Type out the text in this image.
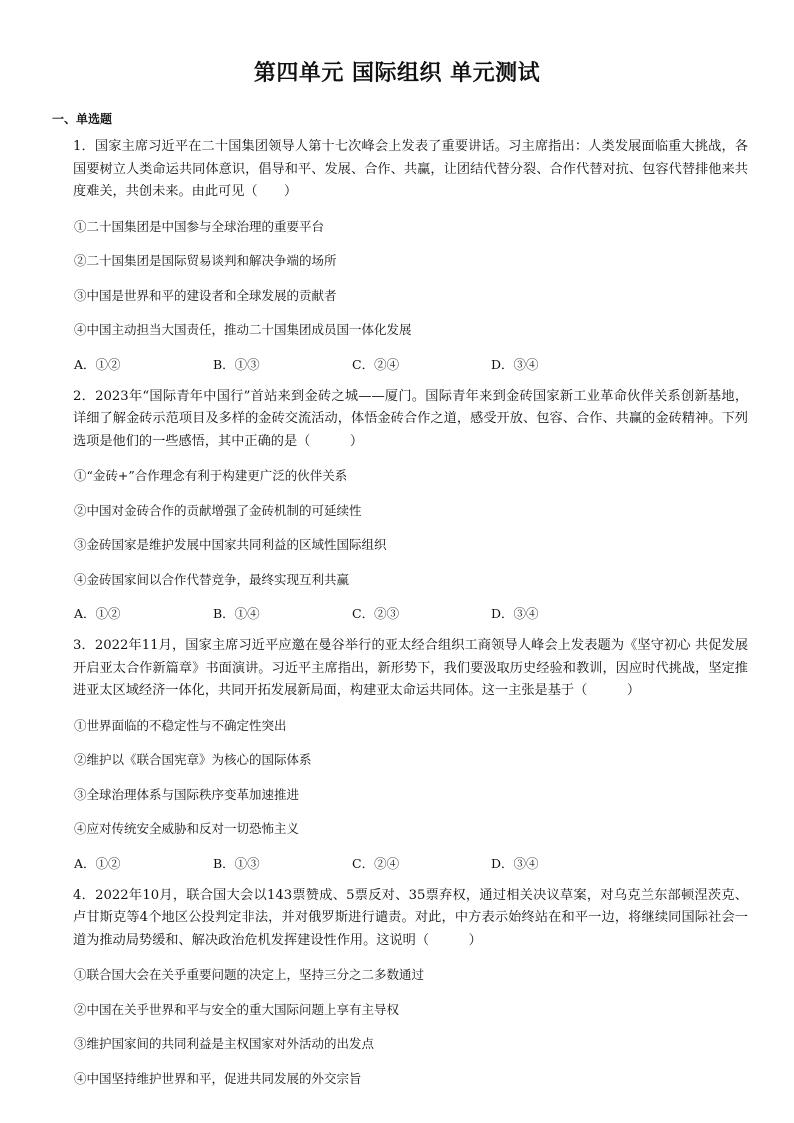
第四单元 国际组织 单元测试
一、单选题

1．国家主席习近平在二十国集团领导人第十七次峰会上发表了重要讲话。习主席指出：人类发展面临重大挑战，各国要树立人类命运共同体意识，倡导和平、发展、合作、共赢，让团结代替分裂、合作代替对抗、包容代替排他来共度难关，共创未来。由此可见（　　）

①二十国集团是中国参与全球治理的重要平台
②二十国集团是国际贸易谈判和解决争端的场所
③中国是世界和平的建设者和全球发展的贡献者
④中国主动担当大国责任，推动二十国集团成员国一体化发展
A．①②	B．①③	C．②④	D．③④

2．2023年“国际青年中国行”首站来到金砖之城——厦门。国际青年来到金砖国家新工业革命伙伴关系创新基地，详细了解金砖示范项目及多样的金砖交流活动，体悟金砖合作之道，感受开放、包容、合作、共赢的金砖精神。下列选项是他们的一些感悟，其中正确的是（　　　）

①“金砖+”合作理念有利于构建更广泛的伙伴关系
②中国对金砖合作的贡献增强了金砖机制的可延续性
③金砖国家是维护发展中国家共同利益的区域性国际组织
④金砖国家间以合作代替竞争，最终实现互利共赢
A．①②	B．①④	C．②③	D．③④

3．2022年11月，国家主席习近平应邀在曼谷举行的亚太经合组织工商领导人峰会上发表题为《坚守初心 共促发展 开启亚太合作新篇章》书面演讲。习近平主席指出，新形势下，我们要汲取历史经验和教训，因应时代挑战，坚定推进亚太区域经济一体化，共同开拓发展新局面，构建亚太命运共同体。这一主张是基于（　　　）

①世界面临的不稳定性与不确定性突出
②维护以《联合国宪章》为核心的国际体系
③全球治理体系与国际秩序变革加速推进
④应对传统安全威胁和反对一切恐怖主义
A．①②	B．①③	C．②④	D．③④

4．2022年10月，联合国大会以143票赞成、5票反对、35票弃权，通过相关决议草案，对乌克兰东部顿涅茨克、卢甘斯克等4个地区公投判定非法，并对俄罗斯进行谴责。对此，中方表示始终站在和平一边，将继续同国际社会一道为推动局势缓和、解决政治危机发挥建设性作用。这说明（　　　）

①联合国大会在关乎重要问题的决定上，坚持三分之二多数通过
②中国在关乎世界和平与安全的重大国际问题上享有主导权
③维护国家间的共同利益是主权国家对外活动的出发点
④中国坚持维护世界和平，促进共同发展的外交宗旨
